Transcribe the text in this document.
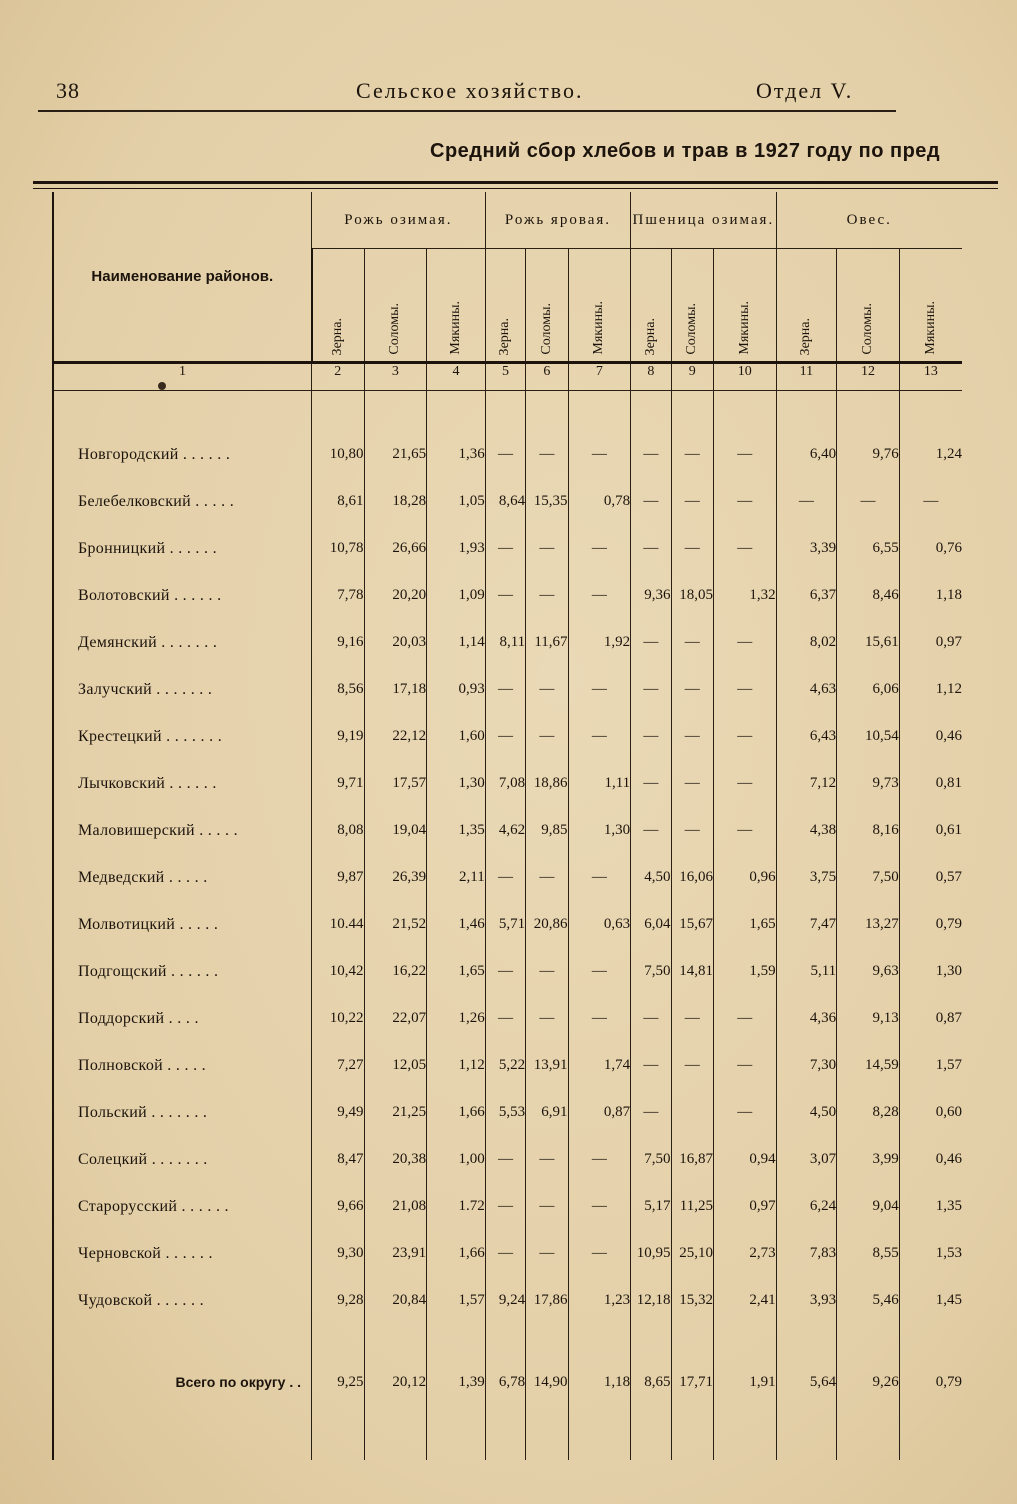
38	Сельское хозяйство.	Отдел V.
Средний сбор хлебов и трав в 1927 году по пред
Наименование районов.	Рожь озимая.			Рожь яровая.			Пшеница озимая.			Овес.		

	Зерна.	Соломы.	Мякины.	Зерна.	Соломы.	Мякины.	Зерна.	Соломы.	Мякины.	Зерна.	Соломы.	Мякины.

1	2	3	4	5	6	7	8	9	10	11	12	13

Новгородский . . . . . .	10,80	21,65	1,36	—	—	—	—	—	—	6,40	9,76	1,24
Белебелковский . . . . .	8,61	18,28	1,05	8,64	15,35	0,78	—	—	—	—	—	—
Бронницкий . . . . . .	10,78	26,66	1,93	—	—	—	—	—	—	3,39	6,55	0,76
Волотовский . . . . . .	7,78	20,20	1,09	—	—	—	9,36	18,05	1,32	6,37	8,46	1,18
Демянский . . . . . . .	9,16	20,03	1,14	8,11	11,67	1,92	—	—	—	8,02	15,61	0,97
Залучский . . . . . . .	8,56	17,18	0,93	—	—	—	—	—	—	4,63	6,06	1,12
Крестецкий . . . . . . .	9,19	22,12	1,60	—	—	—	—	—	—	6,43	10,54	0,46
Лычковский . . . . . .	9,71	17,57	1,30	7,08	18,86	1,11	—	—	—	7,12	9,73	0,81
Маловишерский . . . . .	8,08	19,04	1,35	4,62	9,85	1,30	—	—	—	4,38	8,16	0,61
Медведский . . . . .	9,87	26,39	2,11	—	—	—	4,50	16,06	0,96	3,75	7,50	0,57
Молвотицкий . . . . .	10.44	21,52	1,46	5,71	20,86	0,63	6,04	15,67	1,65	7,47	13,27	0,79
Подгощский . . . . . .	10,42	16,22	1,65	—	—	—	7,50	14,81	1,59	5,11	9,63	1,30
Поддорский . . . .	10,22	22,07	1,26	—	—	—	—	—	—	4,36	9,13	0,87
Полновской . . . . .	7,27	12,05	1,12	5,22	13,91	1,74	—	—	—	7,30	14,59	1,57
Польский . . . . . . .	9,49	21,25	1,66	5,53	6,91	0,87	—		—	4,50	8,28	0,60
Солецкий . . . . . . .	8,47	20,38	1,00	—	—	—	7,50	16,87	0,94	3,07	3,99	0,46
Старорусский . . . . . .	9,66	21,08	1.72	—	—	—	5,17	11,25	0,97	6,24	9,04	1,35
Черновской . . . . . .	9,30	23,91	1,66	—	—	—	10,95	25,10	2,73	7,83	8,55	1,53
Чудовской . . . . . .	9,28	20,84	1,57	9,24	17,86	1,23	12,18	15,32	2,41	3,93	5,46	1,45

Всего по округу . .	9,25	20,12	1,39	6,78	14,90	1,18	8,65	17,71	1,91	5,64	9,26	0,79
